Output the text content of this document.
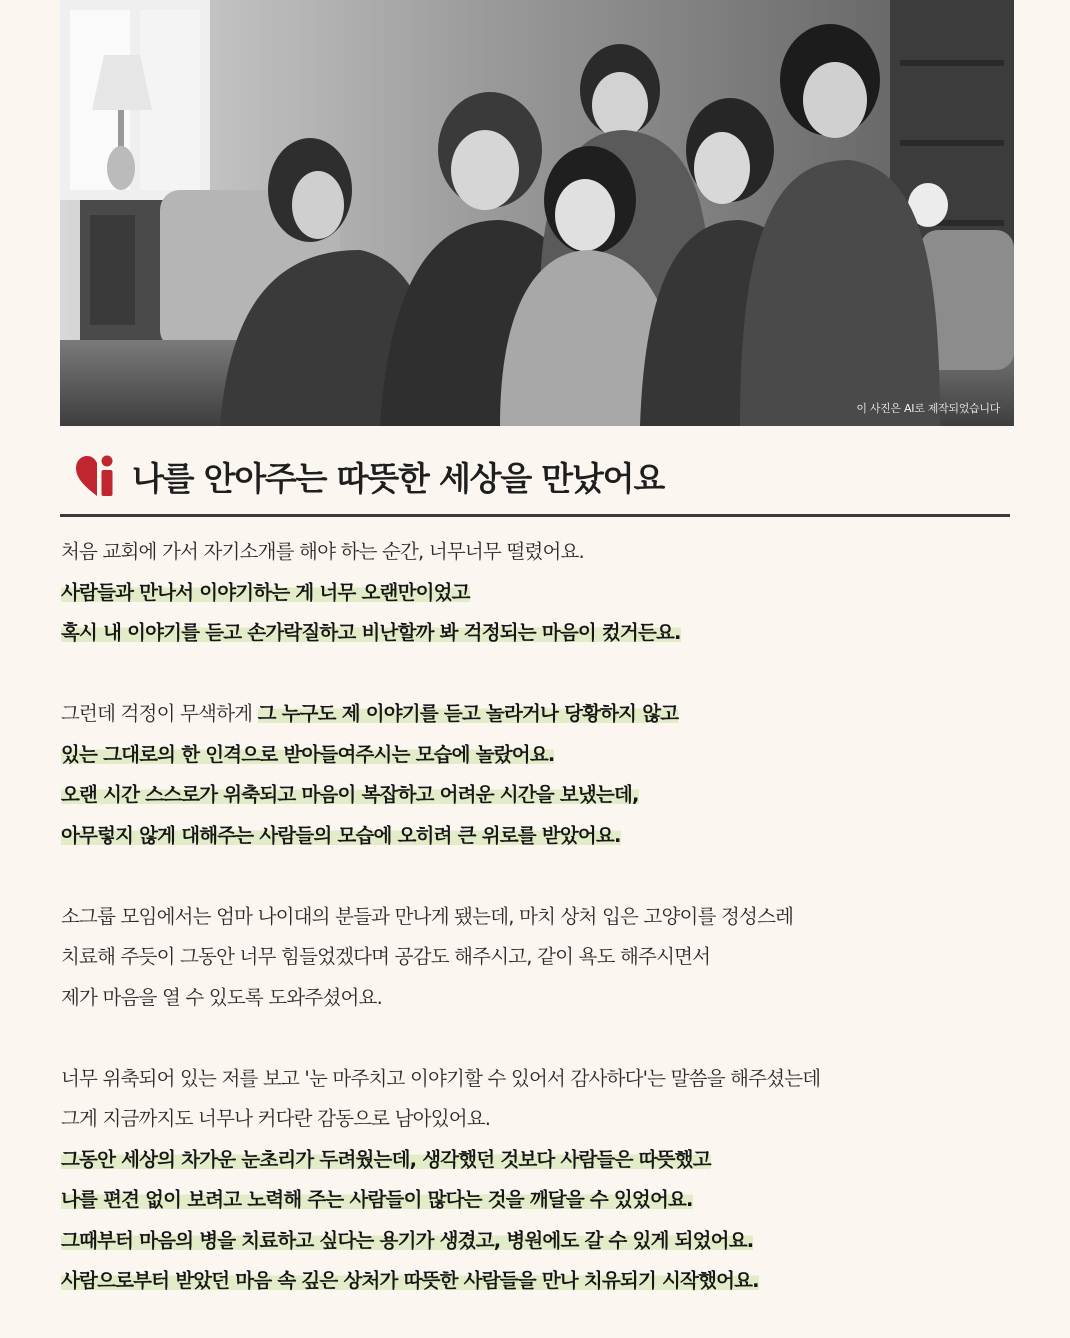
이 사진은 AI로 제작되었습니다
나를 안아주는 따뜻한 세상을 만났어요
처음 교회에 가서 자기소개를 해야 하는 순간, 너무너무 떨렸어요.
사람들과 만나서 이야기하는 게 너무 오랜만이었고
혹시 내 이야기를 듣고 손가락질하고 비난할까 봐 걱정되는 마음이 컸거든요.
그런데 걱정이 무색하게 그 누구도 제 이야기를 듣고 놀라거나 당황하지 않고
있는 그대로의 한 인격으로 받아들여주시는 모습에 놀랐어요.
오랜 시간 스스로가 위축되고 마음이 복잡하고 어려운 시간을 보냈는데,
아무렇지 않게 대해주는 사람들의 모습에 오히려 큰 위로를 받았어요.
소그룹 모임에서는 엄마 나이대의 분들과 만나게 됐는데, 마치 상처 입은 고양이를 정성스레
치료해 주듯이 그동안 너무 힘들었겠다며 공감도 해주시고, 같이 욕도 해주시면서
제가 마음을 열 수 있도록 도와주셨어요.
너무 위축되어 있는 저를 보고 '눈 마주치고 이야기할 수 있어서 감사하다'는 말씀을 해주셨는데
그게 지금까지도 너무나 커다란 감동으로 남아있어요.
그동안 세상의 차가운 눈초리가 두려웠는데, 생각했던 것보다 사람들은 따뜻했고
나를 편견 없이 보려고 노력해 주는 사람들이 많다는 것을 깨달을 수 있었어요.
그때부터 마음의 병을 치료하고 싶다는 용기가 생겼고, 병원에도 갈 수 있게 되었어요.
사람으로부터 받았던 마음 속 깊은 상처가 따뜻한 사람들을 만나 치유되기 시작했어요.
